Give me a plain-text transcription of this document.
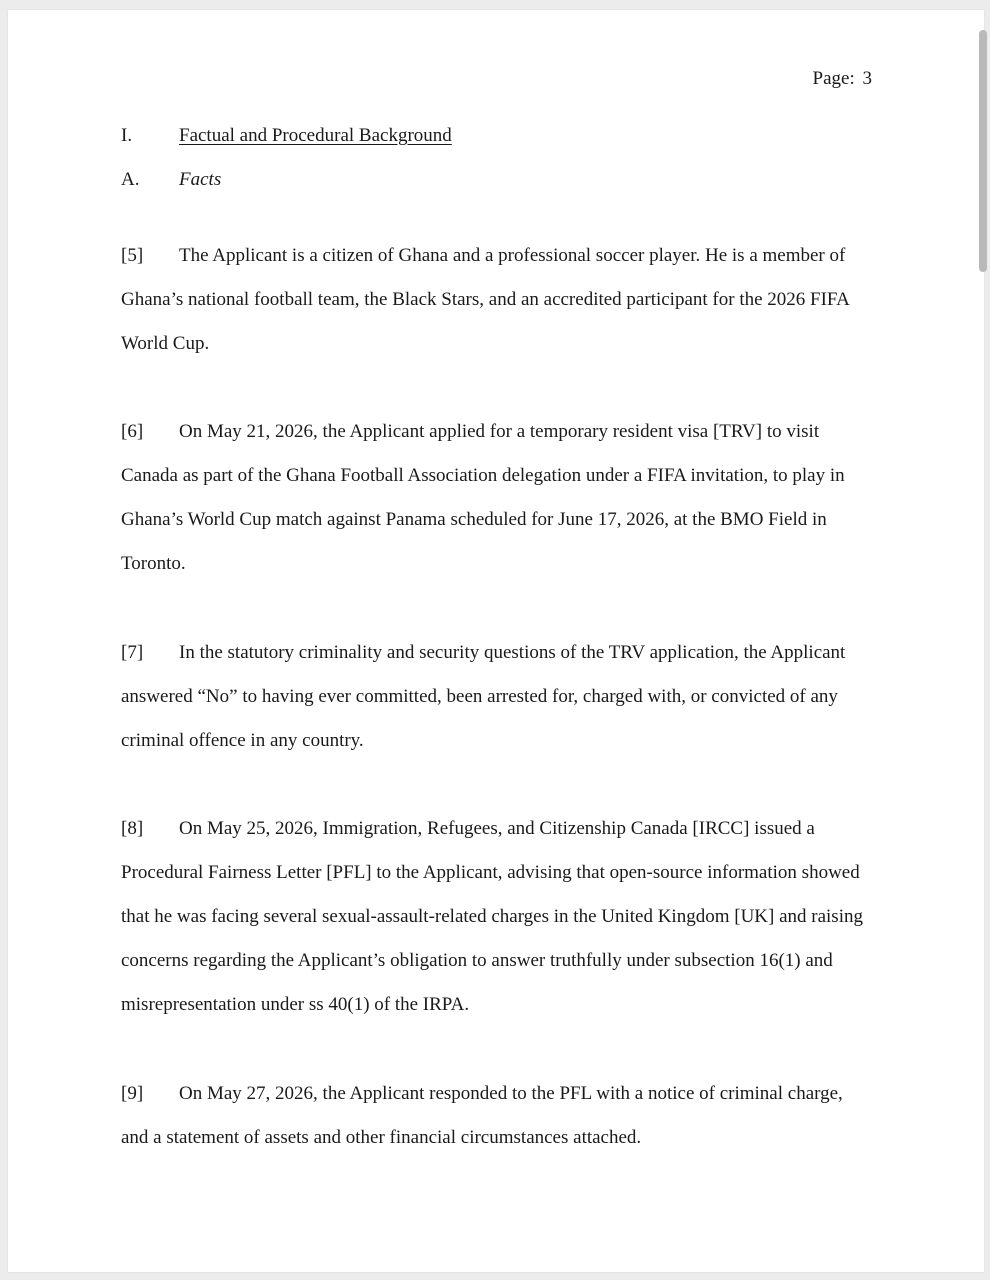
Page: 3
I. Factual and Procedural Background
A. Facts

[5] The Applicant is a citizen of Ghana and a professional soccer player. He is a member of Ghana’s national football team, the Black Stars, and an accredited participant for the 2026 FIFA World Cup.

[6] On May 21, 2026, the Applicant applied for a temporary resident visa [TRV] to visit Canada as part of the Ghana Football Association delegation under a FIFA invitation, to play in Ghana’s World Cup match against Panama scheduled for June 17, 2026, at the BMO Field in Toronto.

[7] In the statutory criminality and security questions of the TRV application, the Applicant answered “No” to having ever committed, been arrested for, charged with, or convicted of any criminal offence in any country.

[8] On May 25, 2026, Immigration, Refugees, and Citizenship Canada [IRCC] issued a Procedural Fairness Letter [PFL] to the Applicant, advising that open-source information showed that he was facing several sexual-assault-related charges in the United Kingdom [UK] and raising concerns regarding the Applicant’s obligation to answer truthfully under subsection 16(1) and misrepresentation under ss 40(1) of the IRPA.

[9] On May 27, 2026, the Applicant responded to the PFL with a notice of criminal charge, and a statement of assets and other financial circumstances attached.
